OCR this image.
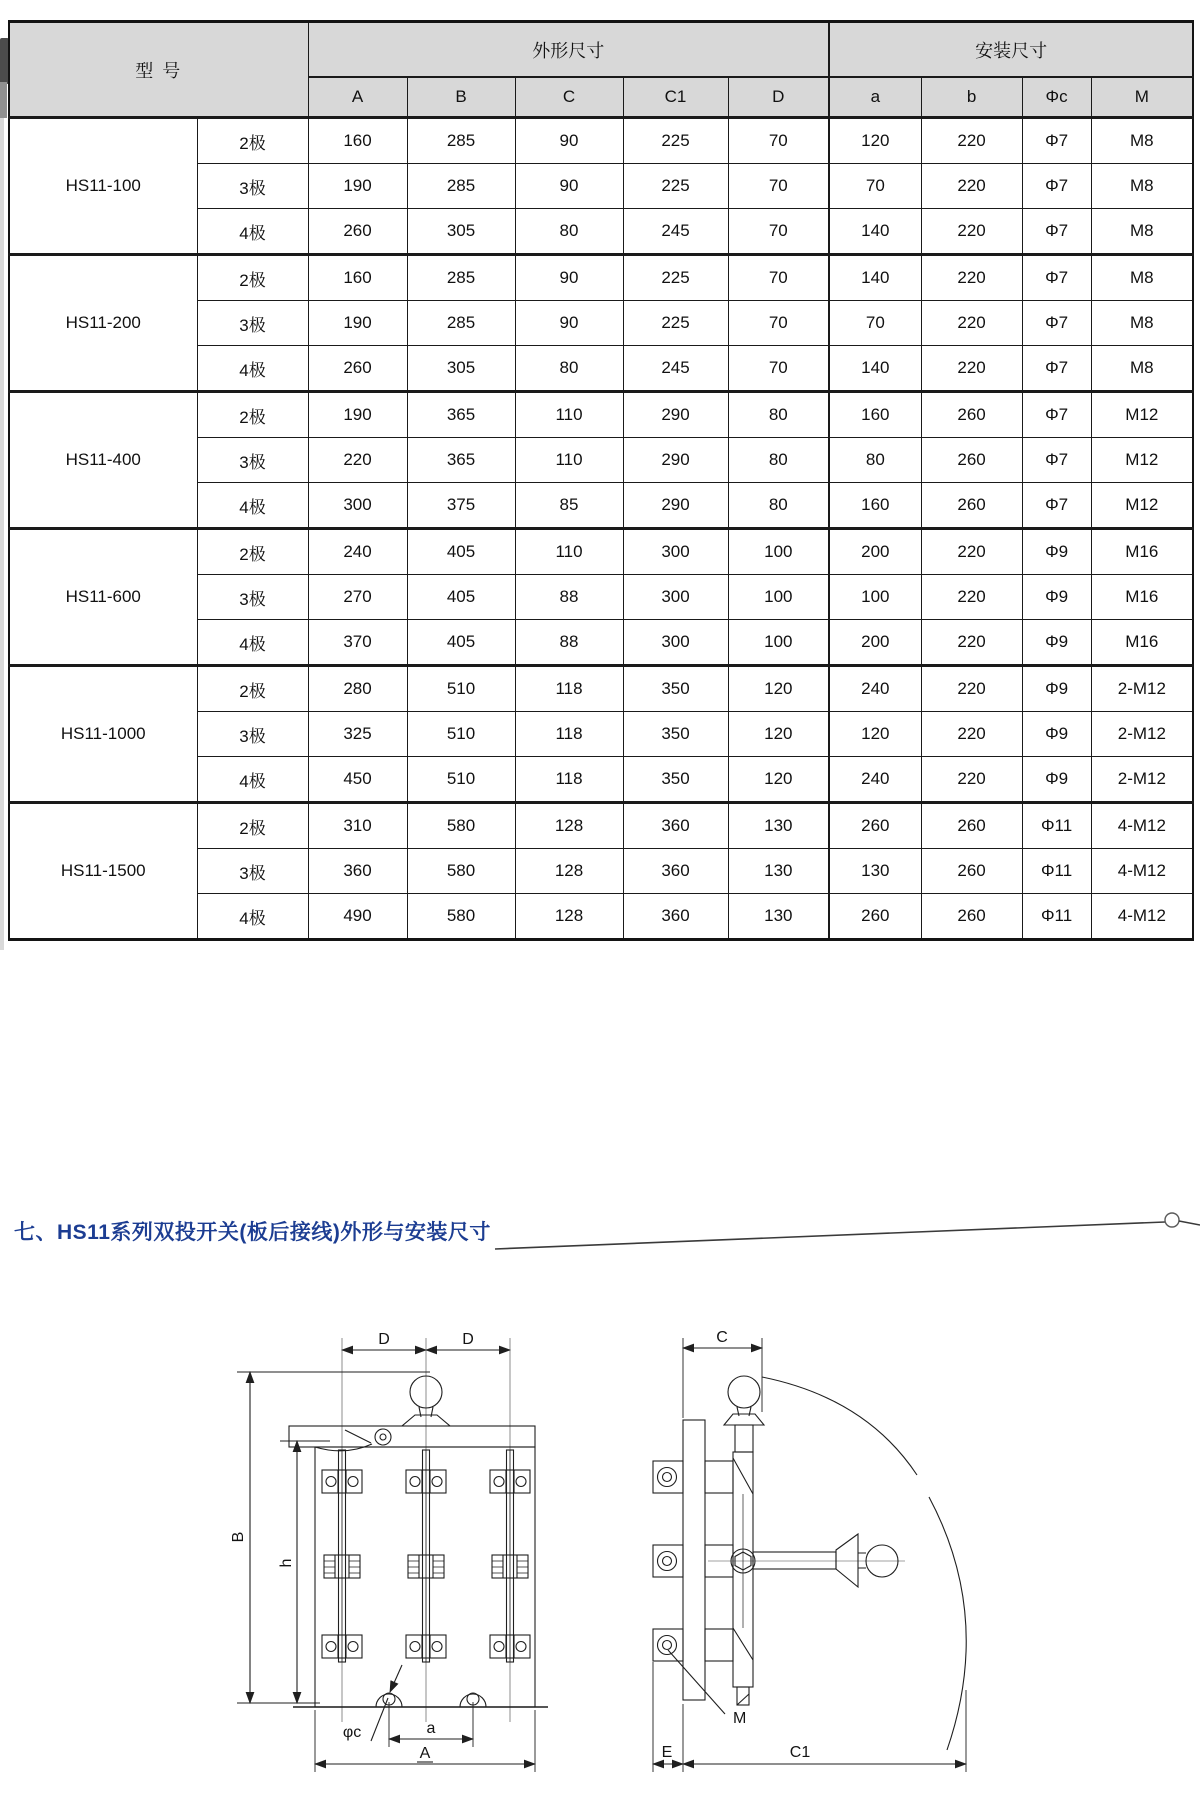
型 号		外形尺寸					安装尺寸			
		A	B	C	C1	D	a	b	Φc	M
HS11-100	2极	160	285	90	225	70	120	220	Φ7	M8
	3极	190	285	90	225	70	70	220	Φ7	M8
	4极	260	305	80	245	70	140	220	Φ7	M8
HS11-200	2极	160	285	90	225	70	140	220	Φ7	M8
	3极	190	285	90	225	70	70	220	Φ7	M8
	4极	260	305	80	245	70	140	220	Φ7	M8
HS11-400	2极	190	365	110	290	80	160	260	Φ7	M12
	3极	220	365	110	290	80	80	260	Φ7	M12
	4极	300	375	85	290	80	160	260	Φ7	M12
HS11-600	2极	240	405	110	300	100	200	220	Φ9	M16
	3极	270	405	88	300	100	100	220	Φ9	M16
	4极	370	405	88	300	100	200	220	Φ9	M16
HS11-1000	2极	280	510	118	350	120	240	220	Φ9	2-M12
	3极	325	510	118	350	120	120	220	Φ9	2-M12
	4极	450	510	118	350	120	240	220	Φ9	2-M12
HS11-1500	2极	310	580	128	360	130	260	260	Φ11	4-M12
	3极	360	580	128	360	130	130	260	Φ11	4-M12
	4极	490	580	128	360	130	260	260	Φ11	4-M12
七、HS11系列双投开关(板后接线)外形与安装尺寸
D	D
B
h
φc	a
A
C
M
E	C1
